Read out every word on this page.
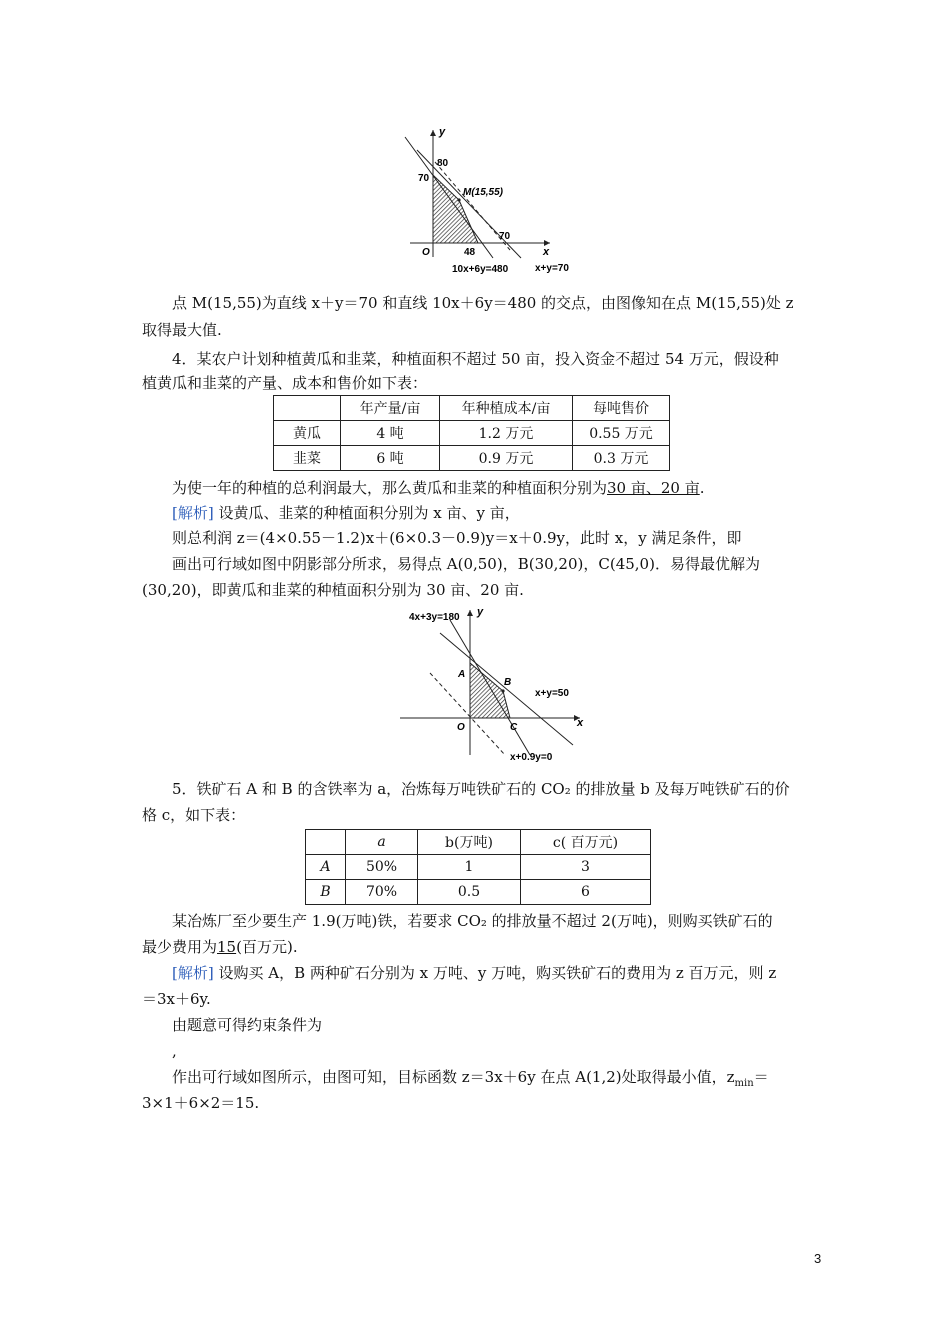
y
80
70
M(15,55)
O	48
70
x
10x+6y=480	x+y=70
点 M(15,55)为直线 x＋y＝70 和直线 10x＋6y＝480 的交点，由图像知在点 M(15,55)处 z
取得最大值.
4．某农户计划种植黄瓜和韭菜，种植面积不超过 50 亩，投入资金不超过 54 万元，假设种
植黄瓜和韭菜的产量、成本和售价如下表：
	年产量/亩	年种植成本/亩	每吨售价
黄瓜	4 吨	1.2 万元	0.55 万元
韭菜	6 吨	0.9 万元	0.3 万元
为使一年的种植的总利润最大，那么黄瓜和韭菜的种植面积分别为30 亩、20 亩.
[解析] 设黄瓜、韭菜的种植面积分别为 x 亩、y 亩，
则总利润 z＝(4×0.55－1.2)x＋(6×0.3－0.9)y＝x＋0.9y，此时 x，y 满足条件，即
画出可行域如图中阴影部分所求，易得点 A(0,50)，B(30,20)，C(45,0)．易得最优解为
(30,20)，即黄瓜和韭菜的种植面积分别为 30 亩、20 亩.
4x+3y=180 y
A
B
x+y=50
O	C	x
x+0.9y=0
5．铁矿石 A 和 B 的含铁率为 a，冶炼每万吨铁矿石的 CO₂ 的排放量 b 及每万吨铁矿石的价
格 c，如下表：
	a	b(万吨)	c( 百万元)
A	50%	1	3
B	70%	0.5	6
某冶炼厂至少要生产 1.9(万吨)铁，若要求 CO₂ 的排放量不超过 2(万吨)，则购买铁矿石的
最少费用为15(百万元).
[解析] 设购买 A，B 两种矿石分别为 x 万吨、y 万吨，购买铁矿石的费用为 z 百万元，则 z
＝3x＋6y.
由题意可得约束条件为
,
作出可行域如图所示，由图可知，目标函数 z＝3x＋6y 在点 A(1,2)处取得最小值，$z_{min}=$
3×1＋6×2＝15.
3
